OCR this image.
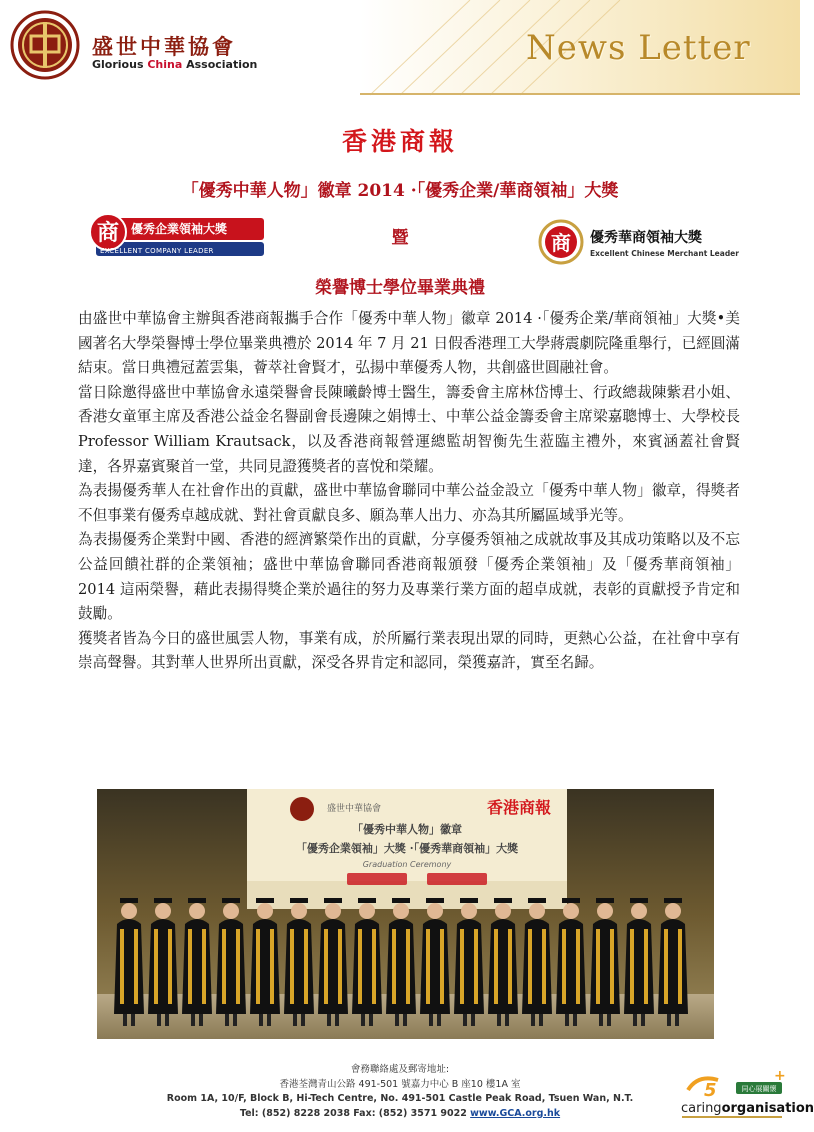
盛世中華協會
Glorious China Association	News Letter
香港商報
「優秀中華人物」徽章 2014 ·「優秀企業/華商領袖」大獎
商 優秀企業領袖大獎
EXCELLENT COMPANY LEADER
暨	商 優秀華商領袖大獎
Excellent Chinese Merchant Leader
榮譽博士學位畢業典禮

由盛世中華協會主辦與香港商報攜手合作「優秀中華人物」徽章 2014 ·「優秀企業/華商領袖」大獎•美國著名大學榮譽博士學位畢業典禮於 2014 年 7 月 21 日假香港理工大學蔣震劇院隆重舉行，已經圓滿結束。當日典禮冠蓋雲集，薈萃社會賢才，弘揚中華優秀人物，共創盛世圓融社會。

當日除邀得盛世中華協會永遠榮譽會長陳曦齡博士醫生，籌委會主席林岱博士、行政總裁陳紫君小姐、香港女童軍主席及香港公益金名譽副會長邊陳之娟博士、中華公益金籌委會主席梁嘉聰博士、大學校長 Professor William Krautsack，以及香港商報營運總監胡智衡先生蒞臨主禮外，來賓涵蓋社會賢達，各界嘉賓聚首一堂，共同見證獲獎者的喜悅和榮耀。

為表揚優秀華人在社會作出的貢獻，盛世中華協會聯同中華公益金設立「優秀中華人物」徽章，得獎者不但事業有優秀卓越成就、對社會貢獻良多、願為華人出力、亦為其所屬區域爭光等。

為表揚優秀企業對中國、香港的經濟繁榮作出的貢獻，分享優秀領袖之成就故事及其成功策略以及不忘公益回饋社群的企業領袖；盛世中華協會聯同香港商報頒發「優秀企業領袖」及「優秀華商領袖」2014 這兩榮譽，藉此表揚得獎企業於過往的努力及專業行業方面的超卓成就，表彰的貢獻授予肯定和鼓勵。

獲獎者皆為今日的盛世風雲人物，事業有成，於所屬行業表現出眾的同時，更熱心公益，在社會中享有崇高聲譽。其對華人世界所出貢獻，深受各界肯定和認同，榮獲嘉許，實至名歸。

盛世中華協會	香港商報
「優秀中華人物」徽章
「優秀企業領袖」大獎 ·「優秀華商領袖」大獎
Graduation Ceremony
會務聯絡處及郵寄地址:
香港荃灣青山公路 491-501 號嘉力中心 B 座10 樓1A 室
Room 1A, 10/F, Block B, Hi-Tech Centre, No. 491-501 Castle Peak Road, Tsuen Wan, N.T.
Tel: (852) 8228 2038 Fax: (852) 3571 9022 www.GCA.org.hk
5	同心展關懷
+
caringorganisation
